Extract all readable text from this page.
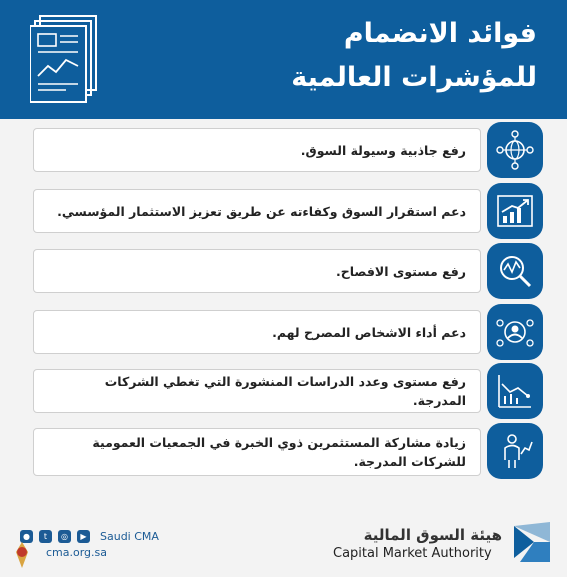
فوائد الانضمام
للمؤشرات العالمية
رفع جاذبية وسيولة السوق.
دعم استقرار السوق وكفاءته عن طريق تعزيز الاستثمار المؤسسي.
رفع مستوى الافصاح.
دعم أداء الاشخاص المصرح لهم.
رفع مستوى وعدد الدراسات المنشورة التي تغطي الشركات المدرجة.
زيادة مشاركة المستثمرين ذوي الخبرة في الجمعيات العمومية للشركات المدرجة.
●	t	◎	▶	Saudi CMA
cma.org.sa
هيئة السوق المالية
Capital Market Authority
